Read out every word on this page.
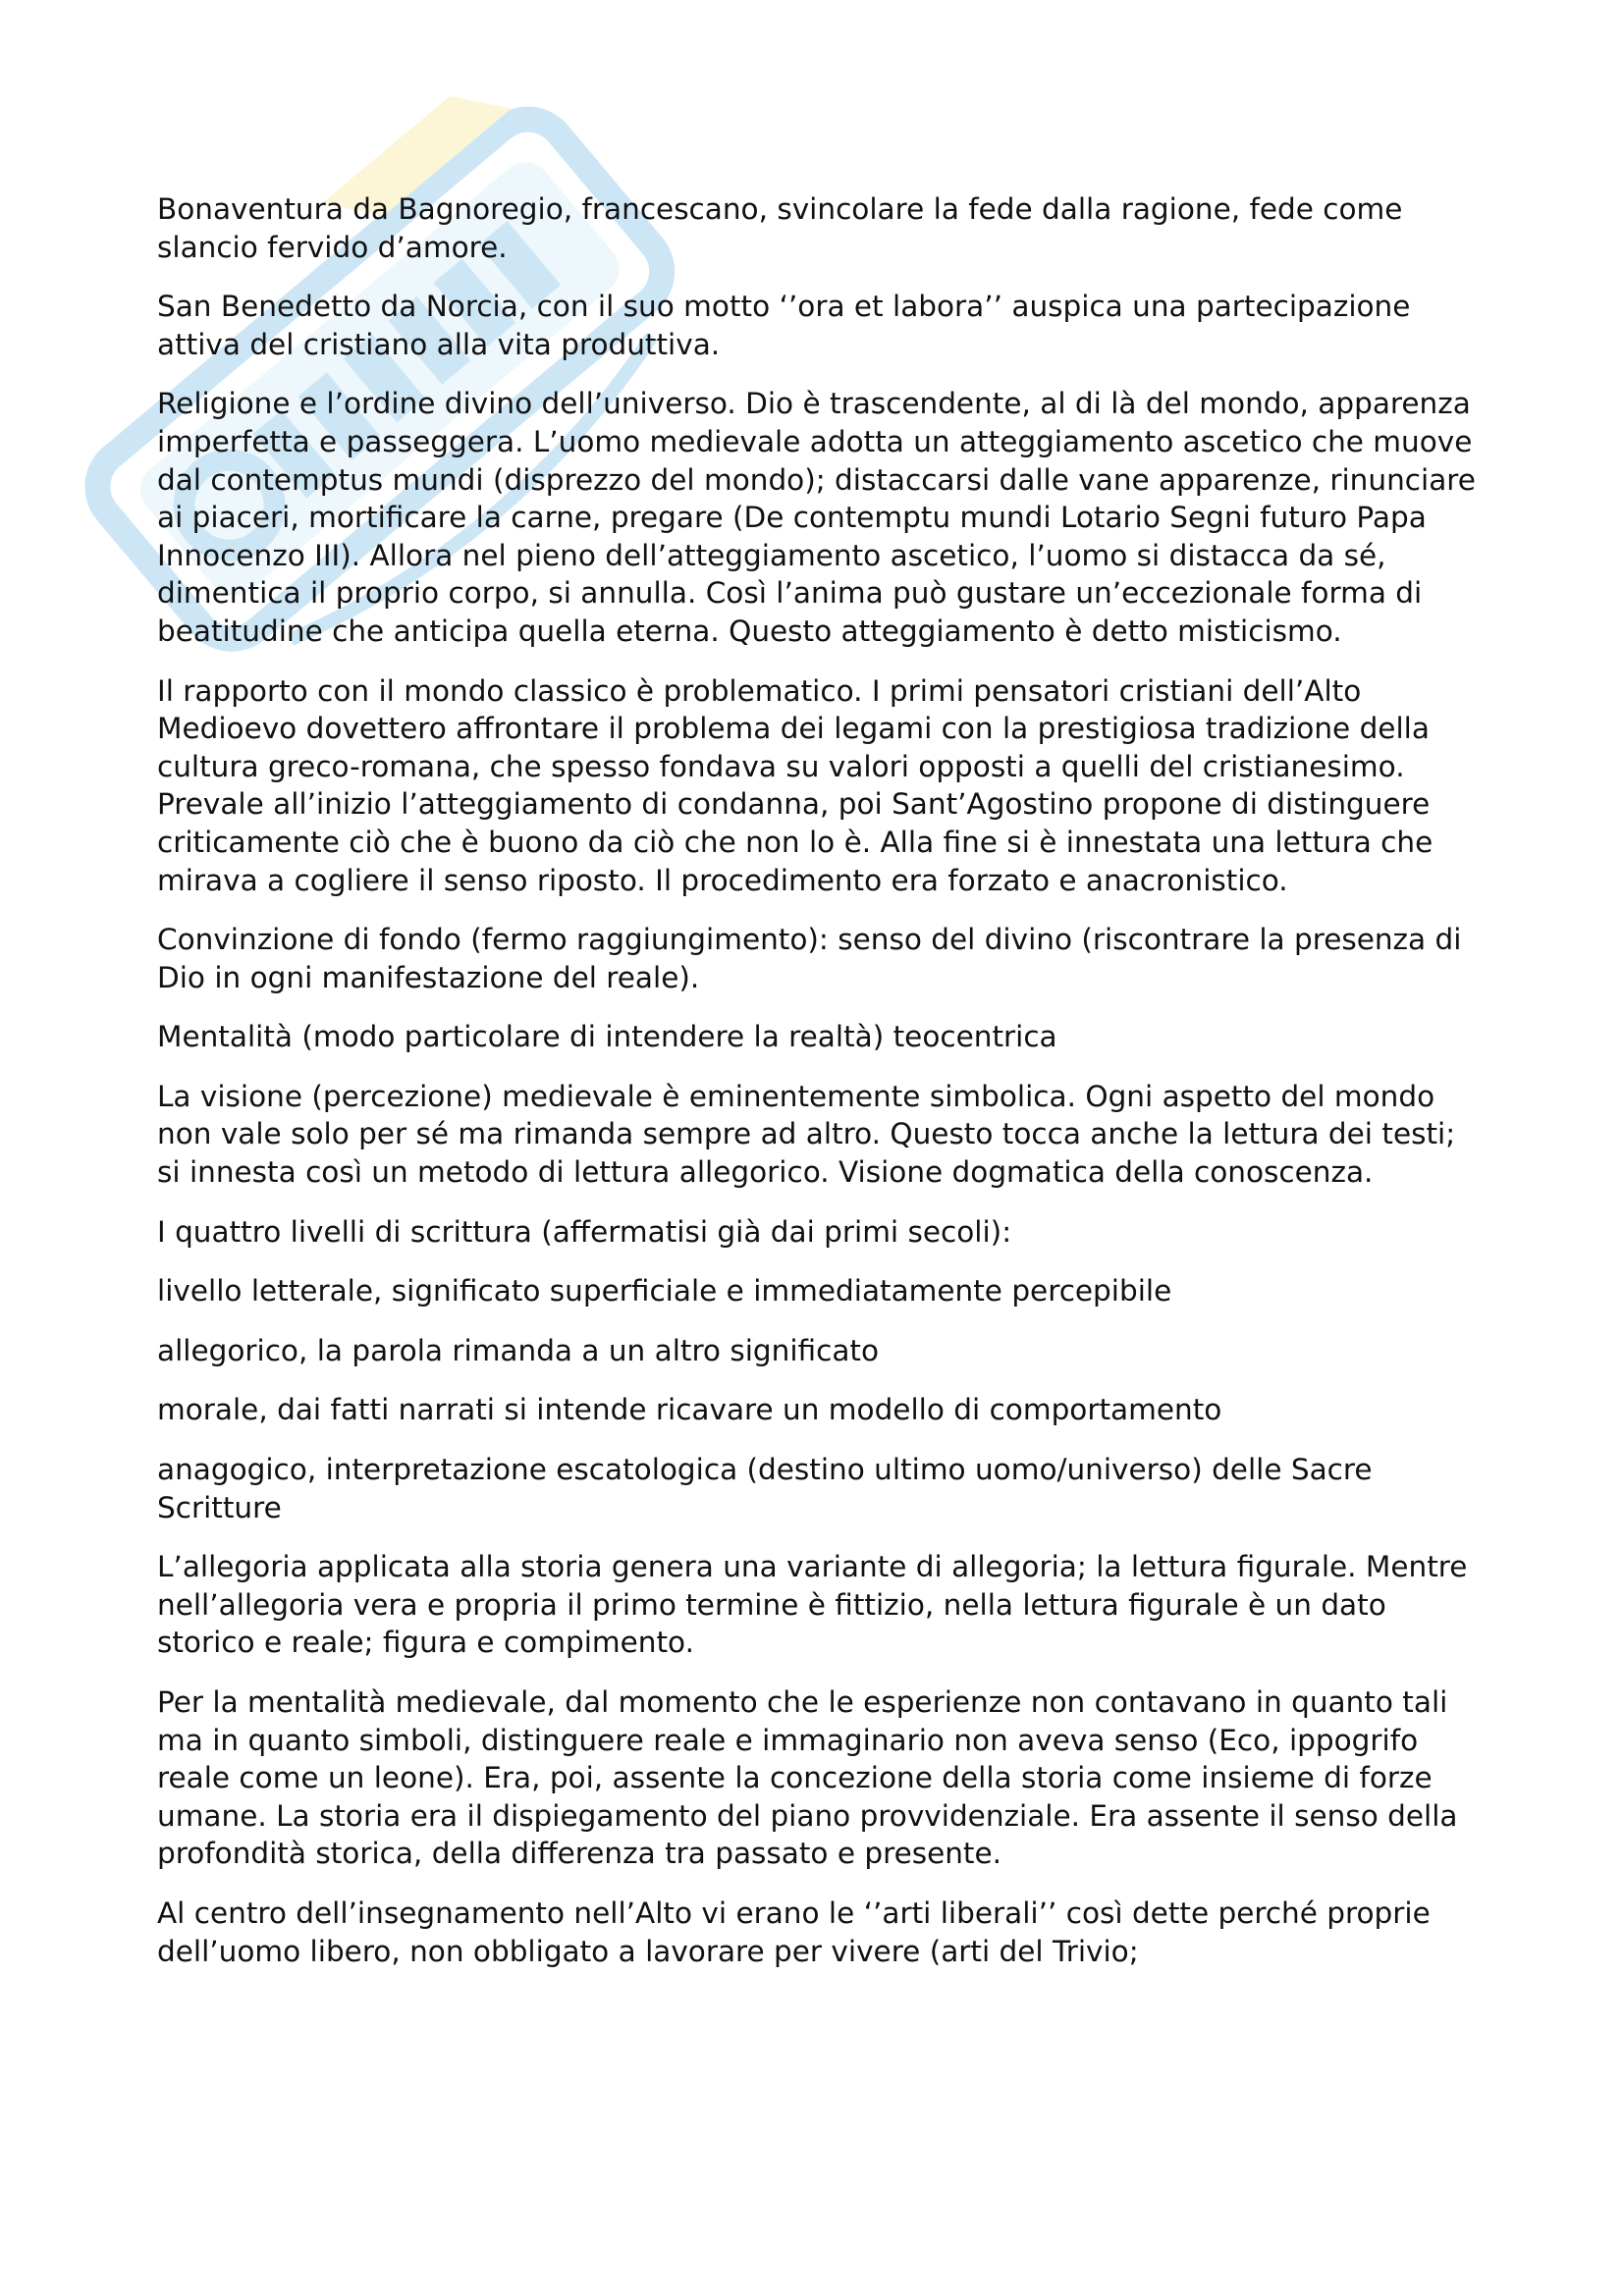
Bonaventura da Bagnoregio, francescano, svincolare la fede dalla ragione, fede come slancio fervido d’amore.

San Benedetto da Norcia, con il suo motto ‘’ora et labora’’ auspica una partecipazione attiva del cristiano alla vita produttiva.

Religione e l’ordine divino dell’universo. Dio è trascendente, al di là del mondo, apparenza imperfetta e passeggera. L’uomo medievale adotta un atteggiamento ascetico che muove dal contemptus mundi (disprezzo del mondo); distaccarsi dalle vane apparenze, rinunciare ai piaceri, mortificare la carne, pregare (De contemptu mundi Lotario Segni futuro Papa Innocenzo III). Allora nel pieno dell’atteggiamento ascetico, l’uomo si distacca da sé, dimentica il proprio corpo, si annulla. Così l’anima può gustare un’eccezionale forma di beatitudine che anticipa quella eterna. Questo atteggiamento è detto misticismo.

Il rapporto con il mondo classico è problematico. I primi pensatori cristiani dell’Alto Medioevo dovettero affrontare il problema dei legami con la prestigiosa tradizione della cultura greco-romana, che spesso fondava su valori opposti a quelli del cristianesimo. Prevale all’inizio l’atteggiamento di condanna, poi Sant’Agostino propone di distinguere criticamente ciò che è buono da ciò che non lo è. Alla fine si è innestata una lettura che mirava a cogliere il senso riposto. Il procedimento era forzato e anacronistico.

Convinzione di fondo (fermo raggiungimento): senso del divino (riscontrare la presenza di Dio in ogni manifestazione del reale).

Mentalità (modo particolare di intendere la realtà) teocentrica

La visione (percezione) medievale è eminentemente simbolica. Ogni aspetto del mondo non vale solo per sé ma rimanda sempre ad altro. Questo tocca anche la lettura dei testi; si innesta così un metodo di lettura allegorico. Visione dogmatica della conoscenza.

I quattro livelli di scrittura (affermatisi già dai primi secoli):

livello letterale, significato superficiale e immediatamente percepibile

allegorico, la parola rimanda a un altro significato

morale, dai fatti narrati si intende ricavare un modello di comportamento

anagogico, interpretazione escatologica (destino ultimo uomo/universo) delle Sacre Scritture

L’allegoria applicata alla storia genera una variante di allegoria; la lettura figurale. Mentre nell’allegoria vera e propria il primo termine è fittizio, nella lettura figurale è un dato storico e reale; figura e compimento.

Per la mentalità medievale, dal momento che le esperienze non contavano in quanto tali ma in quanto simboli, distinguere reale e immaginario non aveva senso (Eco, ippogrifo reale come un leone). Era, poi, assente la concezione della storia come insieme di forze umane. La storia era il dispiegamento del piano provvidenziale. Era assente il senso della profondità storica, della differenza tra passato e presente.

Al centro dell’insegnamento nell’Alto vi erano le ‘’arti liberali’’ così dette perché proprie dell’uomo libero, non obbligato a lavorare per vivere (arti del Trivio;
